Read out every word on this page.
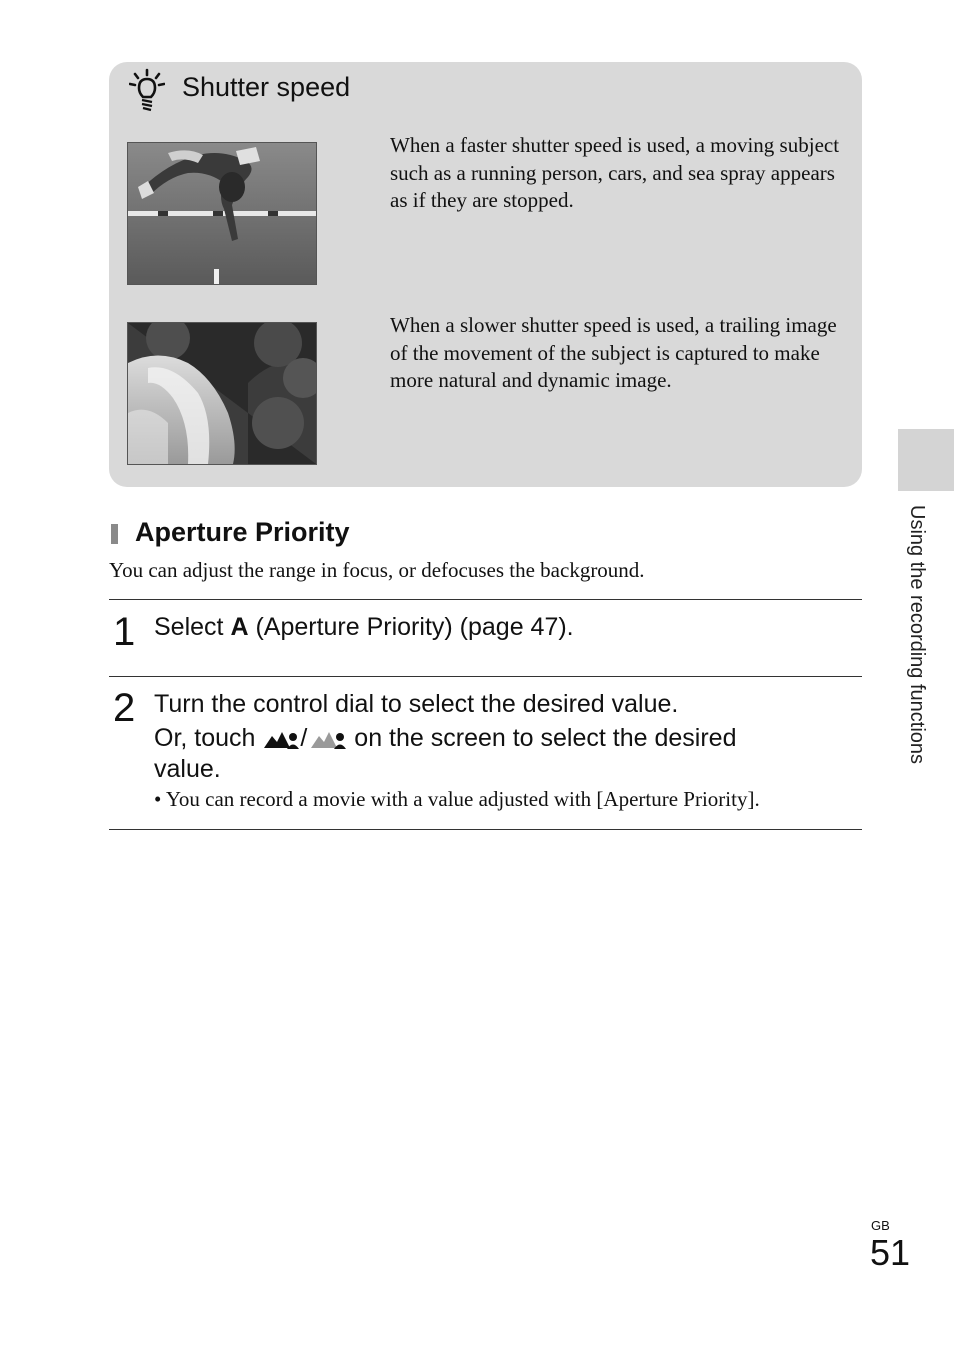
Shutter speed
When a faster shutter speed is used, a moving subject such as a running person, cars, and sea spray appears as if they are stopped.
When a slower shutter speed is used, a trailing image of the movement of the subject is captured to make more natural and dynamic image.
Using the recording functions
Aperture Priority
You can adjust the range in focus, or defocuses the background.
1 Select A (Aperture Priority) (page 47).
2 Turn the control dial to select the desired value.
Or, touch / on the screen to select the desired
value.
• You can record a movie with a value adjusted with [Aperture Priority].
GB
51
